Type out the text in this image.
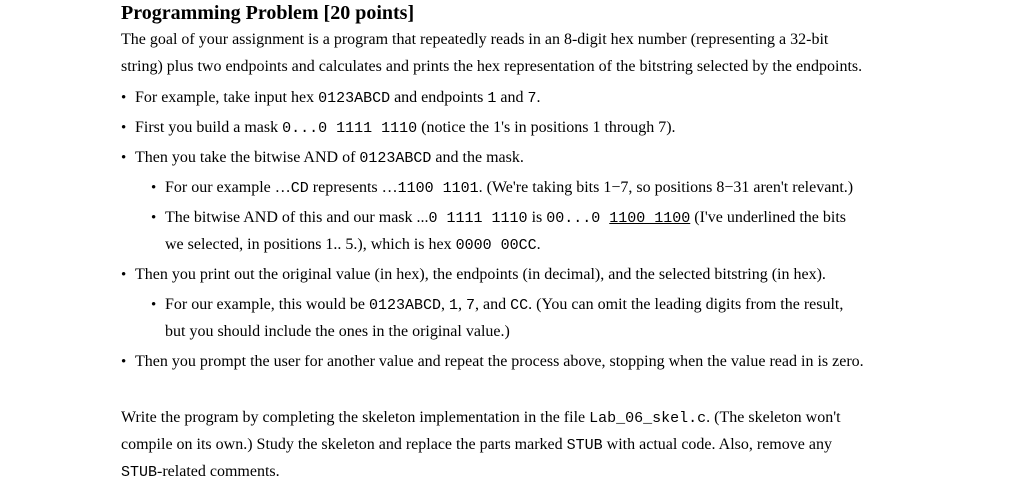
Programming Problem [20 points]
The goal of your assignment is a program that repeatedly reads in an 8-digit hex number (representing a 32-bit
string) plus two endpoints and calculates and prints the hex representation of the bitstring selected by the endpoints.
• For example, take input hex 0123ABCD and endpoints 1 and 7.
• First you build a mask 0...0 1111 1110 (notice the 1's in positions 1 through 7).
• Then you take the bitwise AND of 0123ABCD and the mask.
• For our example …CD represents …1100 1101. (We're taking bits 1−7, so positions 8−31 aren't relevant.)
• The bitwise AND of this and our mask ...0 1111 1110 is 00...0 1100 1100 (I've underlined the bits
we selected, in positions 1.. 5.), which is hex 0000 00CC.
• Then you print out the original value (in hex), the endpoints (in decimal), and the selected bitstring (in hex).
• For our example, this would be 0123ABCD, 1, 7, and CC. (You can omit the leading digits from the result,
but you should include the ones in the original value.)
• Then you prompt the user for another value and repeat the process above, stopping when the value read in is zero.
Write the program by completing the skeleton implementation in the file Lab_06_skel.c. (The skeleton won't
compile on its own.) Study the skeleton and replace the parts marked STUB with actual code. Also, remove any
STUB-related comments.
